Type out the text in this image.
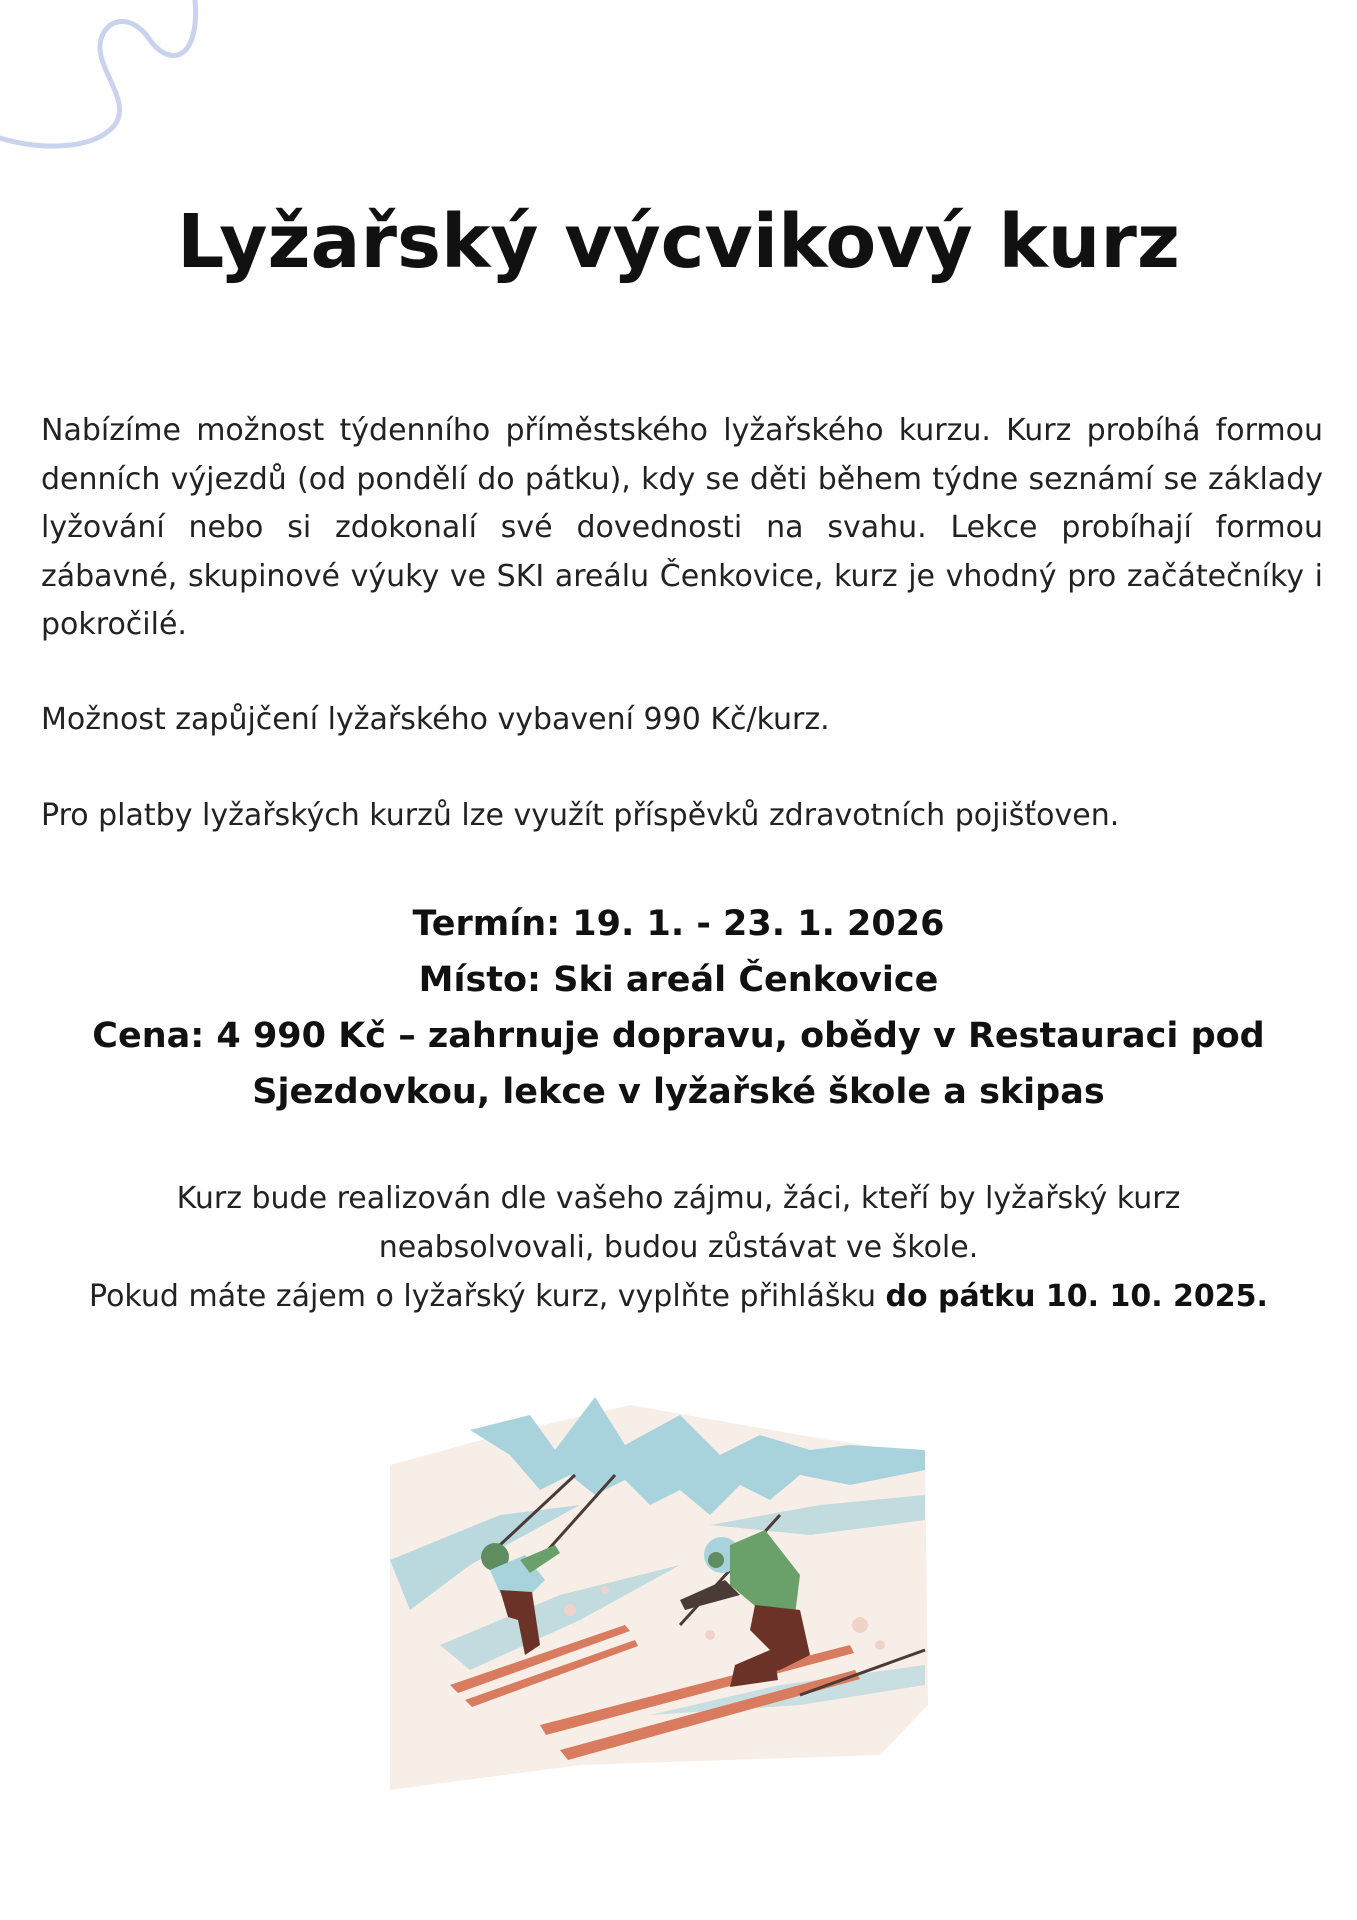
Lyžařský výcvikový kurz

Nabízíme možnost týdenního příměstského lyžařského kurzu. Kurz probíhá formou denních výjezdů (od pondělí do pátku), kdy se děti během týdne seznámí se základy lyžování nebo si zdokonalí své dovednosti na svahu. Lekce probíhají formou zábavné, skupinové výuky ve SKI areálu Čenkovice, kurz je vhodný pro začátečníky i pokročilé.

Možnost zapůjčení lyžařského vybavení 990 Kč/kurz.

Pro platby lyžařských kurzů lze využít příspěvků zdravotních pojišťoven.

Termín: 19. 1. - 23. 1. 2026
Místo: Ski areál Čenkovice
Cena: 4 990 Kč – zahrnuje dopravu, obědy v Restauraci pod
Sjezdovkou, lekce v lyžařské škole a skipas
Kurz bude realizován dle vašeho zájmu, žáci, kteří by lyžařský kurz
neabsolvovali, budou zůstávat ve škole.
Pokud máte zájem o lyžařský kurz, vyplňte přihlášku do pátku 10. 10. 2025.
